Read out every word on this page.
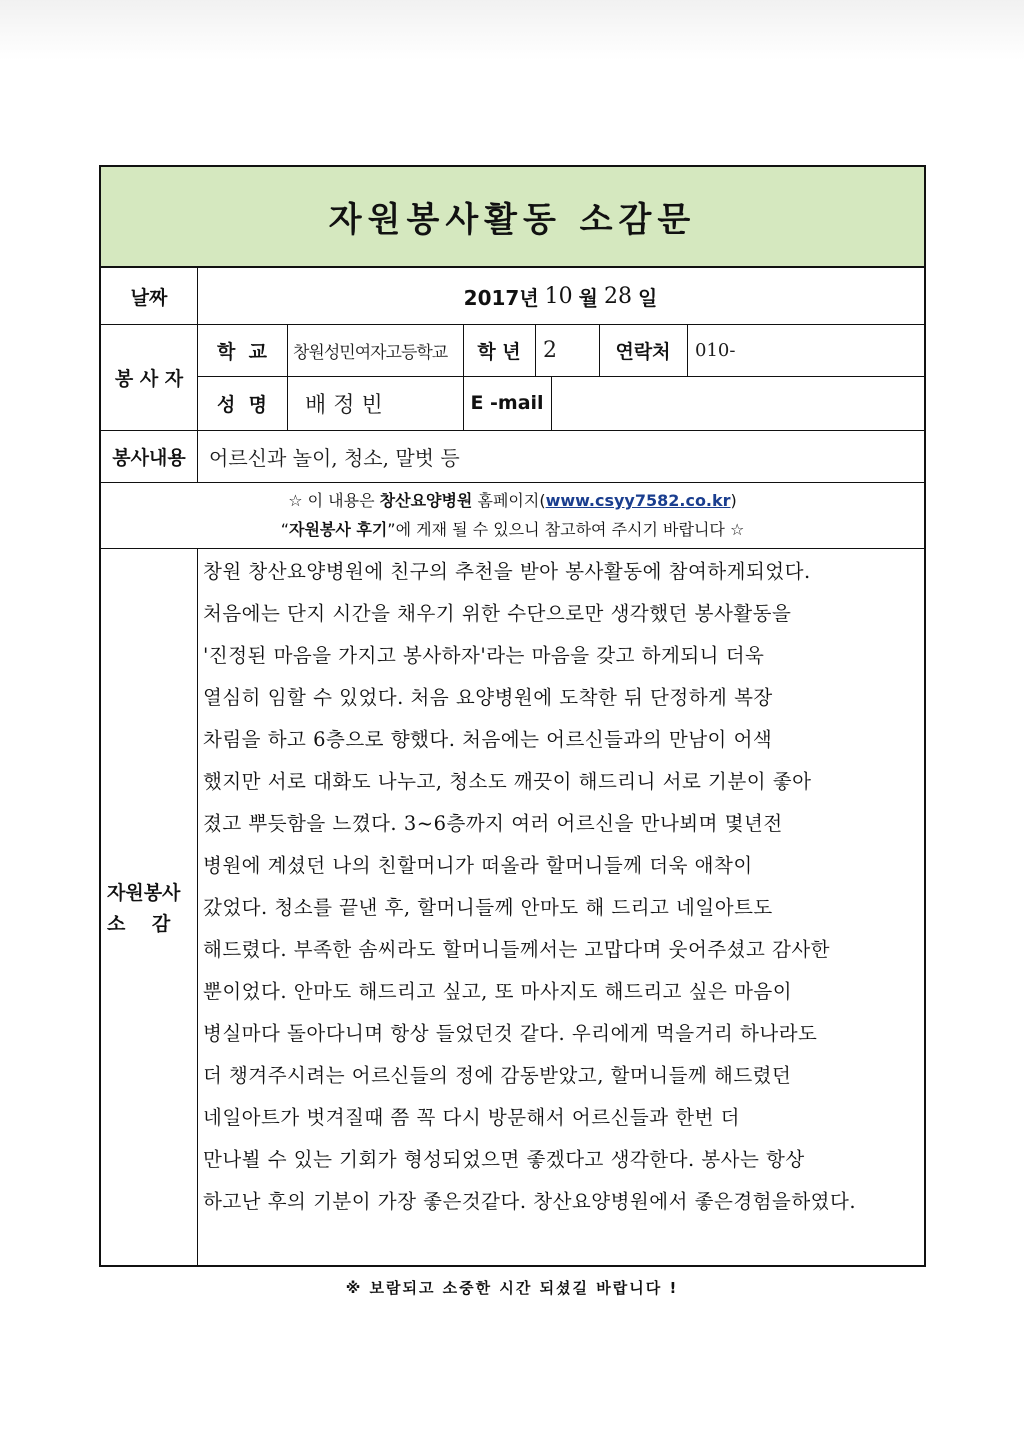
자원봉사활동 소감문
날짜	2017년 10 월 28 일
봉 사 자
학  교	창원성민여자고등학교	학 년	2	연락처	010-
성  명	배 정 빈	E -mail
봉사내용	어르신과 놀이, 청소, 말벗 등
☆ 이 내용은 창산요양병원 홈페이지(www.csyy7582.co.kr)
“자원봉사 후기”에 게재 될 수 있으니 참고하여 주시기 바랍니다 ☆
자원봉사
소    감
창원 창산요양병원에 친구의 추천을 받아 봉사활동에 참여하게되었다.
처음에는 단지 시간을 채우기 위한 수단으로만 생각했던 봉사활동을
'진정된 마음을 가지고 봉사하자'라는 마음을 갖고 하게되니 더욱
열심히 임할 수 있었다. 처음 요양병원에 도착한 뒤 단정하게 복장
차림을 하고 6층으로 향했다. 처음에는 어르신들과의 만남이 어색
했지만 서로 대화도 나누고, 청소도 깨끗이 해드리니 서로 기분이 좋아
졌고 뿌듯함을 느꼈다. 3~6층까지 여러 어르신을 만나뵈며 몇년전
병원에 계셨던 나의 친할머니가 떠올라 할머니들께 더욱 애착이
갔었다. 청소를 끝낸 후, 할머니들께 안마도 해 드리고 네일아트도
해드렸다. 부족한 솜씨라도 할머니들께서는 고맙다며 웃어주셨고 감사한
뿐이었다. 안마도 해드리고 싶고, 또 마사지도 해드리고 싶은 마음이
병실마다 돌아다니며 항상 들었던것 같다. 우리에게 먹을거리 하나라도
더 챙겨주시려는 어르신들의 정에 감동받았고, 할머니들께 해드렸던
네일아트가 벗겨질때 쯤 꼭 다시 방문해서 어르신들과 한번 더
만나뵐 수 있는 기회가 형성되었으면 좋겠다고 생각한다. 봉사는 항상
하고난 후의 기분이 가장 좋은것같다. 창산요양병원에서 좋은경험을하였다.
※ 보람되고 소중한 시간 되셨길 바랍니다 !
